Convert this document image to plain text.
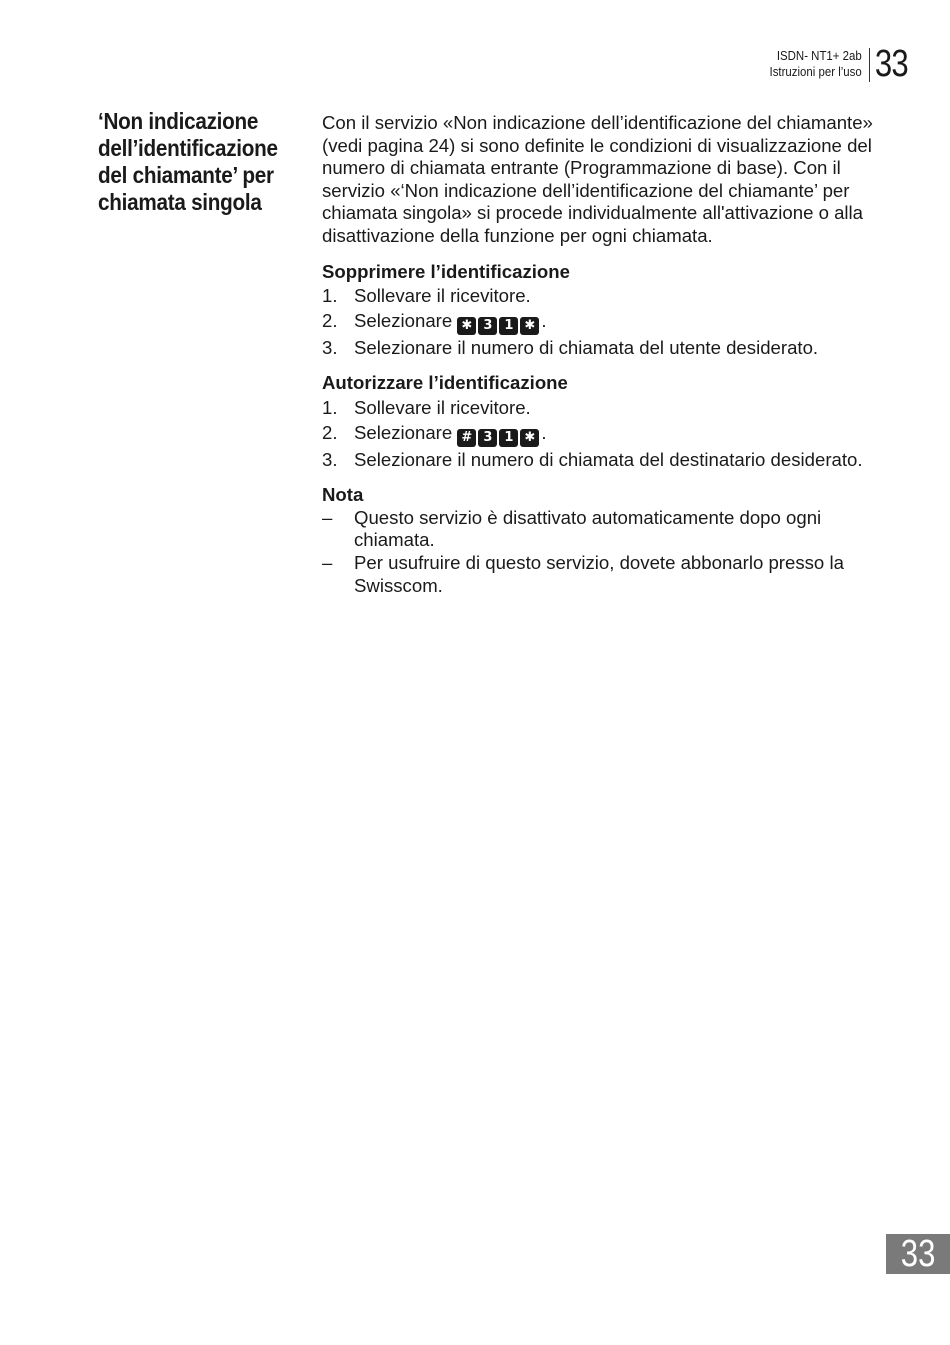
ISDN- NT1+ 2ab
Istruzioni per l’uso 33
‘Non indicazione dell’identificazione del chiamante’ per chiamata singola

Con il servizio «Non indicazione dell’identificazione del chiamante» (vedi pagina 24) si sono definite le condizioni di visualizzazione del numero di chiamata entrante (Programmazione di base). Con il servizio «‘Non indicazione dell’identificazione del chiamante’ per chiamata singola» si procede individualmente all'attivazione o alla disattivazione della funzione per ogni chiamata.

Sopprimere l’identificazione
1. Sollevare il ricevitore.
2. Selezionare ✱ 3 1 ✱ .
3. Selezionare il numero di chiamata del utente desiderato.
Autorizzare l’identificazione
1. Sollevare il ricevitore.
2. Selezionare # 3 1 ✱ .
3. Selezionare il numero di chiamata del destinatario desiderato.
Nota
–	Questo servizio è disattivato automaticamente dopo ogni chiamata.
–	Per usufruire di questo servizio, dovete abbonarlo presso la Swisscom.
33
